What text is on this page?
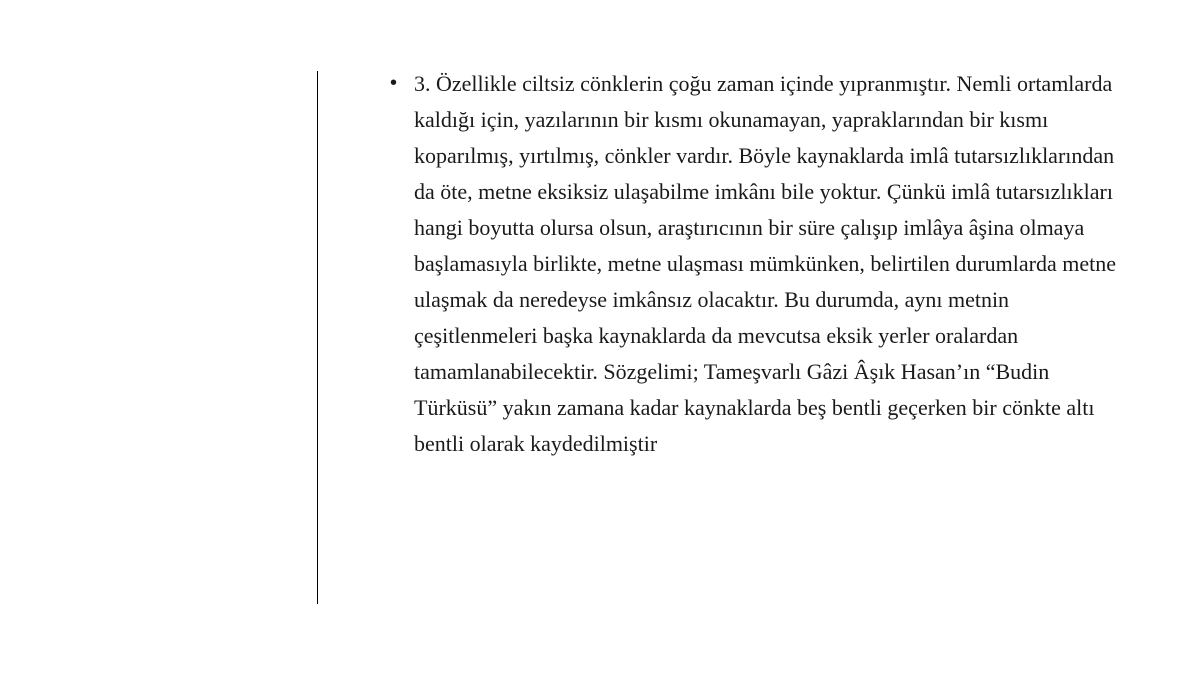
• 3. Özellikle ciltsiz cönklerin çoğu zaman içinde yıpranmıştır. Nemli ortamlarda kaldığı için, yazılarının bir kısmı okunamayan, yapraklarından bir kısmı koparılmış, yırtılmış, cönkler vardır. Böyle kaynaklarda imlâ tutarsızlıklarından da öte, metne eksiksiz ulaşabilme imkânı bile yoktur. Çünkü imlâ tutarsızlıkları hangi boyutta olursa olsun, araştırıcının bir süre çalışıp imlâya âşina olmaya başlamasıyla birlikte, metne ulaşması mümkünken, belirtilen durumlarda metne ulaşmak da neredeyse imkânsız olacaktır. Bu durumda, aynı metnin çeşitlenmeleri başka kaynaklarda da mevcutsa eksik yerler oralardan tamamlanabilecektir. Sözgelimi; Tameşvarlı Gâzi Âşık Hasan’ın “Budin Türküsü” yakın zamana kadar kaynaklarda beş bentli geçerken bir cönkte altı bentli olarak kaydedilmiştir
